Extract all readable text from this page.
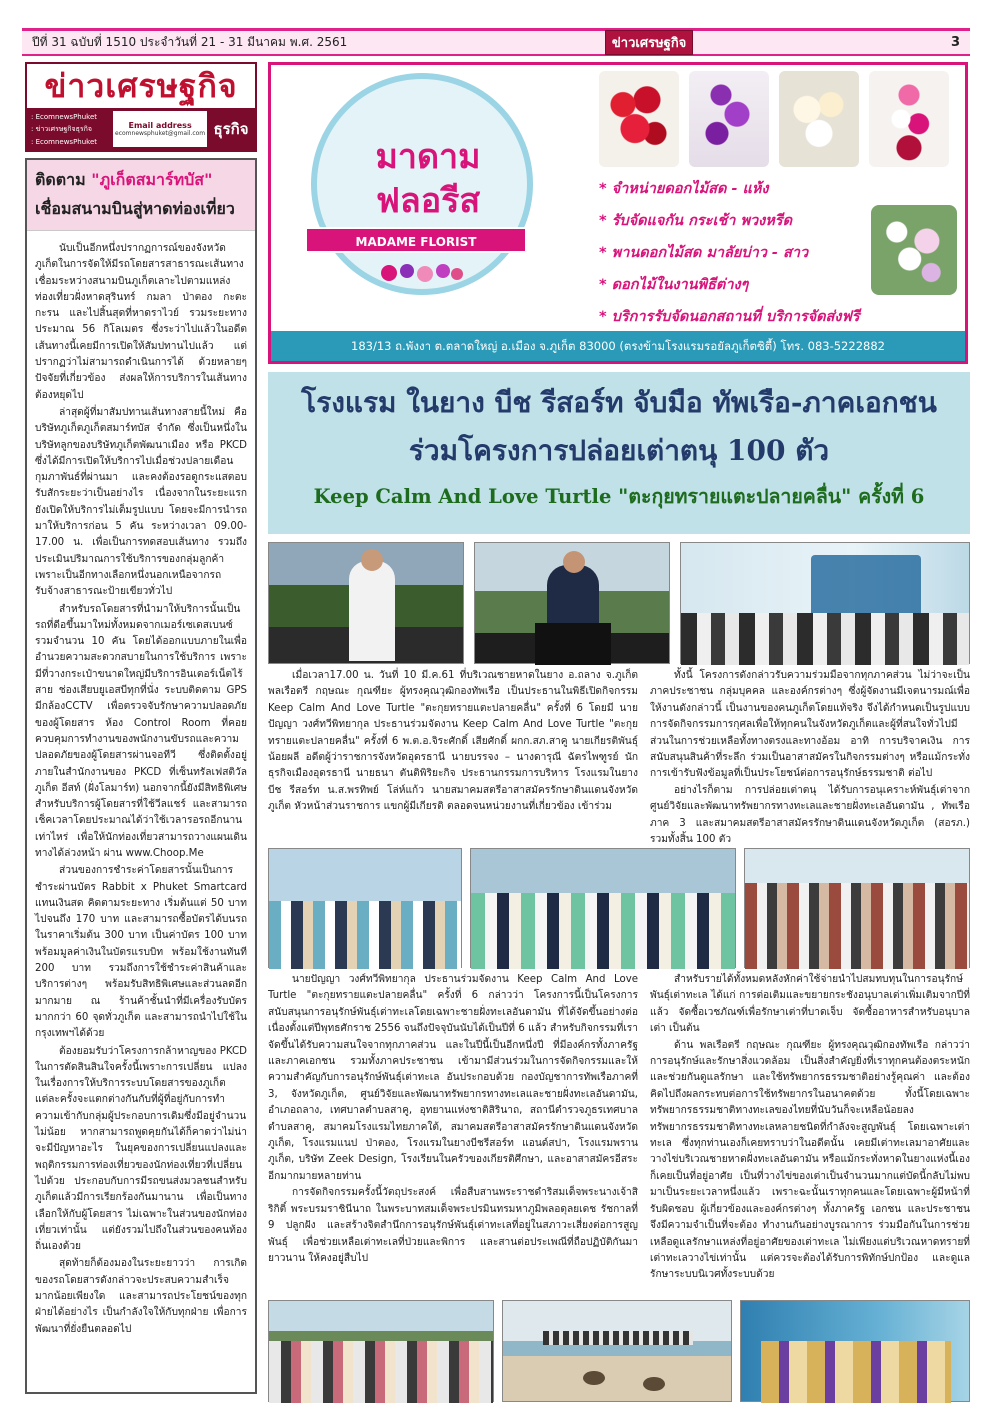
ปีที่ 31 ฉบับที่ 1510 ประจำวันที่ 21 - 31 มีนาคม พ.ศ. 2561	ข่าวเศรษฐกิจ	3
ข่าวเศรษฐกิจ
: EcomnewsPhuket
: ข่าวเศรษฐกิจธุรกิจ
: EcomnewsPhuket
Email address
ecomnewsphuket@gmail.com ธุรกิจ
ติดตาม "ภูเก็ตสมาร์ทบัส"
เชื่อมสนามบินสู่หาดท่องเที่ยว

นับเป็นอีกหนึ่งปรากฏการณ์ของจังหวัดภูเก็ตในการจัดให้มีรถโดยสารสาธารณะเส้นทางเชื่อมระหว่างสนามบินภูเก็ตเลาะไปตามแหล่งท่องเที่ยวฝั่งหาดสุรินทร์ กมลา ป่าตอง กะตะ กะรน และไปสิ้นสุดที่หาดราไวย์ รวมระยะทางประมาณ 56 กิโลเมตร ซึ่งระว่าไปแล้วในอดีตเส้นทางนี้เคยมีการเปิดให้สัมปทานไปแล้ว แต่ปรากฏว่าไม่สามารถดำเนินการได้ ด้วยหลายๆ ปัจจัยที่เกี่ยวข้อง ส่งผลให้การบริการในเส้นทางต้องหยุดไป

ล่าสุดผู้ที่มาสัมปทานเส้นทางสายนี้ใหม่ คือ บริษัทภูเก็ตภูเก็ตสมาร์ทบัส จำกัด ซึ่งเป็นหนึ่งในบริษัทลูกของบริษัทภูเก็ตพัฒนาเมือง หรือ PKCD ซึ่งได้มีการเปิดให้บริการไปเมื่อช่วงปลายเดือนกุมภาพันธ์ที่ผ่านมา และคงต้องรอดูกระแสตอบรับสักระยะว่าเป็นอย่างไร เนื่องจากในระยะแรกยังเปิดให้บริการไม่เต็มรูปแบบ โดยจะมีการนำรถมาให้บริการก่อน 5 คัน ระหว่างเวลา 09.00-17.00 น. เพื่อเป็นการทดสอบเส้นทาง รวมถึงประเมินปริมาณการใช้บริการของกลุ่มลูกค้า เพราะเป็นอีกทางเลือกหนึ่งนอกเหนือจากรถรับจ้างสาธารณะป้ายเขียวทั่วไป

สำหรับรถโดยสารที่นำมาให้บริการนั้นเป็นรถที่ดีอขึ้นมาใหม่ทั้งหมดจากเมอร์เซเดสเบนซ์ รวมจำนวน 10 คัน โดยได้ออกแบบภายในเพื่ออำนวยความสะดวกสบายในการใช้บริการ เพราะมีที่วางกระเป๋าขนาดใหญ่มีบริการอินเตอร์เน็ตไร้สาย ช่องเสียบยูเอสบีทุกที่นั่ง ระบบติดตาม GPS มีกล้องCCTV เพื่อตรวจจับรักษาความปลอดภัยของผู้โดยสาร ห้อง Control Room ที่คอยควบคุมการทำงานของพนักงานขับรถและความปลอดภัยของผู้โดยสารผ่านจอทีวี ซึ่งติดตั้งอยู่ภายในสำนักงานของ PKCD ที่เซ็นทรัลเฟสติวัลภูเก็ต อีสท์ (ฝั่งโลมาร์ท) นอกจากนี้ยังมีสิทธิพิเศษสำหรับบริการผู้โดยสารที่ใช้วีลแชร์ และสามารถเช็คเวลาโดยประมาณได้ว่าใช้เวลารอรถอีกนานเท่าไหร่ เพื่อให้นักท่องเที่ยวสามารถวางแผนเดินทางได้ล่วงหน้า ผ่าน www.Choop.Me

ส่วนของการชำระค่าโดยสารนั้นเป็นการชำระผ่านบัตร Rabbit x Phuket Smartcard แทนเงินสด คิดตามระยะทาง เริ่มต้นแต่ 50 บาท ไปจนถึง 170 บาท และสามารถซื้อบัตรได้บนรถในราคาเริ่มต้น 300 บาท เป็นค่าบัตร 100 บาท พร้อมมูลค่าเงินในบัตรแรบบิท พร้อมใช้งานทันที 200 บาท รวมถึงการใช้ชำระค่าสินค้าและบริการต่างๆ พร้อมรับสิทธิพิเศษและส่วนลดอีกมากมาย ณ ร้านค้าชั้นนำที่มีเครื่องรับบัตรมากกว่า 60 จุดทั่วภูเก็ต และสามารถนำไปใช้ในกรุงเทพฯได้ด้วย

ต้องยอมรับว่าโครงการกล้าหาญของ PKCD ในการตัดสินสินใจครั้งนี้เพราะการเปลี่ยน แปลงในเรื่องการให้บริการระบบโดยสารของภูเก็ตแต่ละครั้งจะแตกต่างกันกับที่ผู้ที่อยู่กับการทำ ความเข้ากับกลุ่มผู้ประกอบการเดิมซึ่งมีอยู่จำนวนไม่น้อย หากสามารถพูดคุยกันได้ก็คาดว่าไม่น่าจะมีปัญหาอะไร ในยุคของการเปลี่ยนแปลงและพฤติกรรมการท่องเที่ยวของนักท่องเที่ยวที่เปลี่ยนไปด้วย ประกอบกับการมีรถขนส่งมวลชนสำหรับภูเก็ตแล้วมีการเรียกร้องกันมานาน เพื่อเป็นทางเลือกให้กับผู้โดยสาร ไม่เฉพาะในส่วนของนักท่องเที่ยวเท่านั้น แต่ยังรวมไปถึงในส่วนของคนท้องถิ่นเองด้วย

สุดท้ายก็ต้องมองในระยะยาวว่า การเกิดของรถโดยสารดังกล่าวจะประสบความสำเร็จมากน้อยเพียงใด และสามารถประโยชน์ของทุกฝ่ายได้อย่างไร เป็นกำลังใจให้กับทุกฝ่าย เพื่อการพัฒนาที่ยั่งยืนตลอดไป

มาดาม
ฟลอรีส
MADAME FLORIST
* จำหน่ายดอกไม้สด - แห้ง
* รับจัดแจกัน กระเช้า พวงหรีด
* พานดอกไม้สด มาลัยบ่าว - สาว
* ดอกไม้ในงานพิธีต่างๆ
* บริการรับจัดนอกสถานที่ บริการจัดส่งฟรี
183/13 ถ.พังงา ต.ตลาดใหญ่ อ.เมือง จ.ภูเก็ต 83000 (ตรงข้ามโรงแรมรอยัลภูเก็ตซิตี้) โทร. 083-5222882
โรงแรม ในยาง บีช รีสอร์ท จับมือ ทัพเรือ-ภาคเอกชน
ร่วมโครงการปล่อยเต่าตนุ 100 ตัว
Keep Calm And Love Turtle "ตะกุยทรายแตะปลายคลื่น" ครั้งที่ 6

เมื่อเวลา17.00 น. วันที่ 10 มี.ค.61 ที่บริเวณชายหาดในยาง อ.ถลาง จ.ภูเก็ต พลเรือตรี กฤษณะ กุณฑียะ ผู้ทรงคุณวุฒิกองทัพเรือ เป็นประธานในพิธีเปิดกิจกรรม Keep Calm And Love Turtle "ตะกุยทรายแตะปลายคลื่น" ครั้งที่ 6 โดยมี นายปัญญา วงศ์ทวีพิทยากุล ประธานร่วมจัดงาน Keep Calm And Love Turtle "ตะกุยทรายแตะปลายคลื่น" ครั้งที่ 6 พ.ต.อ.จิระศักดิ์ เสียศักดิ์ ผกก.สภ.สาคู นายเกียรติพันธุ์ น้อยผลี อดีตผู้ว่าราชการจังหวัดอุดรธานี นายบรรจง – นางดารุณี ฉัตรไพฑูรย์ นักธุรกิจเมืองอุดรธานี นายธนา ตันติพิริยะกิจ ประธานกรรมการบริหาร โรงแรมในยาง บีช รีสอร์ท น.ส.พรทิพย์ โล่ห์แก้ว นายสมาคมสตรีอาสาสมัครรักษาดินแดนจังหวัดภูเก็ต หัวหน้าส่วนราชการ แขกผู้มีเกียรติ ตลอดจนหน่วยงานที่เกี่ยวข้อง เข้าร่วม

ทั้งนี้ โครงการดังกล่าวรับความร่วมมือจากทุกภาคส่วน ไม่ว่าจะเป็นภาคประชาชน กลุ่มบุคคล และองค์กรต่างๆ ซึ่งผู้จัดงานมีเจตนารมณ์เพื่อให้งานดังกล่าวนี้ เป็นงานของคนภูเก็ตโดยแท้จริง จึงได้กำหนดเป็นรูปแบบการจัดกิจกรรมการกุศลเพื่อให้ทุกคนในจังหวัดภูเก็ตและผู้ที่สนใจทั่วไปมีส่วนในการช่วยเหลือทั้งทางตรงและทางอ้อม อาทิ การบริจาคเงิน การสนับสนุนสินค้าที่ระลึก ร่วมเป็นอาสาสมัครในกิจกรรมต่างๆ หรือแม้กระทั่งการเข้ารับฟังข้อมูลที่เป็นประโยชน์ต่อการอนุรักษ์ธรรมชาติ ต่อไป

อย่างไรก็ตาม การปล่อยเต่าตนุ ได้รับการอนุเคราะห์พันธุ์เต่าจากศูนย์วิจัยและพัฒนาทรัพยากรทางทะเลและชายฝั่งทะเลอันดามัน , ทัพเรือภาค 3 และสมาคมสตรีอาสาสมัครรักษาดินแดนจังหวัดภูเก็ต (สอรภ.) รวมทั้งสิ้น 100 ตัว

นายปัญญา วงศ์ทวีพิทยากุล ประธานร่วมจัดงาน Keep Calm And Love Turtle "ตะกุยทรายแตะปลายคลื่น" ครั้งที่ 6 กล่าวว่า โครงการนี้เป็นโครงการสนับสนุนการอนุรักษ์พันธุ์เต่าทะเลโดยเฉพาะชายฝั่งทะเลอันดามัน ที่ได้จัดขึ้นอย่างต่อเนื่องตั้งแต่ปีพุทธศักราช 2556 จนถึงปัจจุบันนับได้เป็นปีที่ 6 แล้ว สำหรับกิจกรรมที่เราจัดขึ้นได้รับความสนใจจากทุกภาคส่วน และในปีนี้เป็นอีกหนึ่งปี ที่มีองค์กรทั้งภาครัฐ และภาคเอกชน รวมทั้งภาคประชาชน เข้ามามีส่วนร่วมในการจัดกิจกรรมและให้ความสำคัญกับการอนุรักษ์พันธุ์เต่าทะเล อันประกอบด้วย กองบัญชาการทัพเรือภาคที่ 3, จังหวัดภูเก็ต, ศูนย์วิจัยและพัฒนาทรัพยากรทางทะเลและชายฝั่งทะเลอันดามัน, อำเภอถลาง, เทศบาลตำบลสาคู, อุทยานแห่งชาติสิรินาถ, สถานีตำรวจภูธรเทศบาลตำบลสาคู, สมาคมโรงแรมไทยภาคใต้, สมาคมสตรีอาสาสมัครรักษาดินแดนจังหวัดภูเก็ต, โรงแรมแนป ป่าตอง, โรงแรมในยางบีชรีสอร์ท แอนด์สปา, โรงแรมพรานภูเก็ต, บริษัท Zeek Design, โรงเรียนในครัวของเกียรติศึกษา, และอาสาสมัครอีสระอีกมากมายหลายท่าน

การจัดกิจกรรมครั้งนี้วัตถุประสงค์ เพื่อสืบสานพระราชดำริสมเด็จพระนางเจ้าสิริกิติ์ พระบรมราชินีนาถ ในพระบาทสมเด็จพระปรมินทรมหาภูมิพลอดุลยเดช รัชกาลที่ 9 ปลูกฝัง และสร้างจิตสำนึกการอนุรักษ์พันธุ์เต่าทะเลที่อยู่ในสภาวะเสี่ยงต่อการสูญพันธุ์ เพื่อช่วยเหลือเต่าทะเลที่ป่วยและพิการ และสานต่อประเพณีที่ถือปฏิบัติกันมายาวนาน ให้คงอยู่สืบไป

สำหรับรายได้ทั้งหมดหลังหักค่าใช้จ่ายนำไปสมทบทุนในการอนุรักษ์พันธุ์เต่าทะเล ได้แก่ การต่อเติมและขยายกระชังอนุบาลเต่าเพิ่มเติมจากปีที่แล้ว จัดซื้อเวชภัณฑ์เพื่อรักษาเต่าที่บาดเจ็บ จัดซื้ออาหารสำหรับอนุบาลเต่า เป็นต้น

ด้าน พลเรือตรี กฤษณะ กุณฑียะ ผู้ทรงคุณวุฒิกองทัพเรือ กล่าวว่า การอนุรักษ์และรักษาสิ่งแวดล้อม เป็นสิ่งสำคัญยิ่งที่เราทุกคนต้องตระหนักและช่วยกันดูแลรักษา และใช้ทรัพยากรธรรมชาติอย่างรู้คุณค่า และต้องคิดไปถึงผลกระทบต่อการใช้ทรัพยากรในอนาคตด้วย ทั้งนี้โดยเฉพาะทรัพยากรธรรมชาติทางทะเลของไทยที่นับวันก็จะเหลือน้อยลง ทรัพยากรธรรมชาติทางทะเลหลายชนิดที่กำลังจะสูญพันธุ์ โดยเฉพาะเต่าทะเล ซึ่งทุกท่านเองก็เคยทราบว่าในอดีตนั้น เคยมีเต่าทะเลมาอาศัยและวางไข่บริเวณชายหาดฝั่งทะเลอันดามัน หรือแม้กระทั่งหาดในยางแห่งนี้เอง ก็เคยเป็นที่อยู่อาศัย เป็นที่วางไข่ของเต่าเป็นจำนวนมากแต่บัดนี้กลับไม่พบมาเป็นระยะเวลาหนึ่งแล้ว เพราะฉะนั้นเราทุกคนและโดยเฉพาะผู้มีหน้าที่รับผิดชอบ ผู้เกี่ยวข้องและองค์กรต่างๆ ทั้งภาครัฐ เอกชน และประชาชน จึงมีความจำเป็นที่จะต้อง ทำงานกันอย่างบูรณาการ ร่วมมือกันในการช่วยเหลือดูแลรักษาแหล่งที่อยู่อาศัยของเต่าทะเล ไม่เพียงแต่บริเวณหาดทรายที่เต่าทะเลวางไข่เท่านั้น แต่ควรจะต้องได้รับการพิทักษ์ปกป้อง และดูแลรักษาระบบนิเวศทั้งระบบด้วย
